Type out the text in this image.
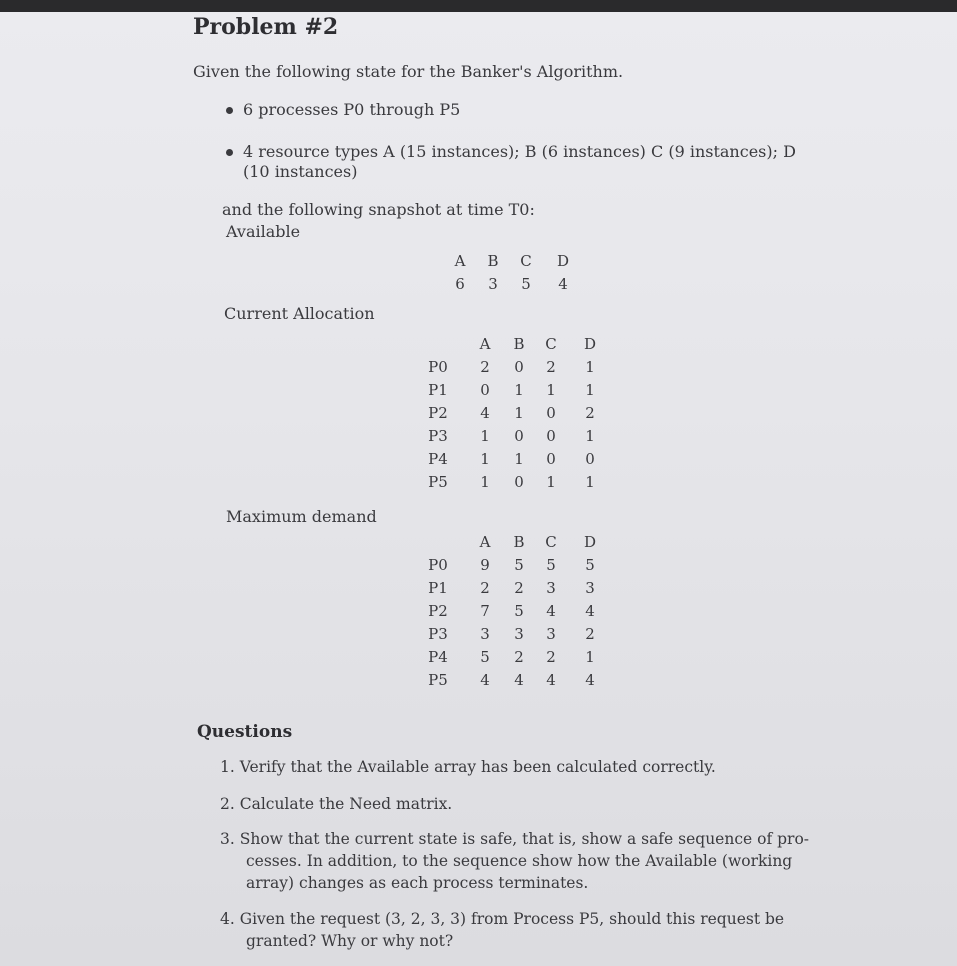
Problem #2
Given the following state for the Banker's Algorithm.
6 processes P0 through P5
4 resource types A (15 instances); B (6 instances) C (9 instances); D
(10 instances)
and the following snapshot at time T0:
Available
A	B C D
6	3	5	4
Current Allocation
A	B C D
P0	2	0	2	1
P1	0	1	1	1
P2	4	1	0	2
P3	1	0	0	1
P4	1	1	0	0
P5	1	0	1	1
Maximum demand
A	B C D
P0	9	5	5	5
P1	2	2	3	3
P2	7	5	4	4
P3	3	3	3	2
P4	5	2	2	1
P5	4	4	4	4
Questions
1. Verify that the Available array has been calculated correctly.
2. Calculate the Need matrix.
3. Show that the current state is safe, that is, show a safe sequence of pro-
cesses. In addition, to the sequence show how the Available (working
array) changes as each process terminates.
4. Given the request (3, 2, 3, 3) from Process P5, should this request be
granted? Why or why not?
